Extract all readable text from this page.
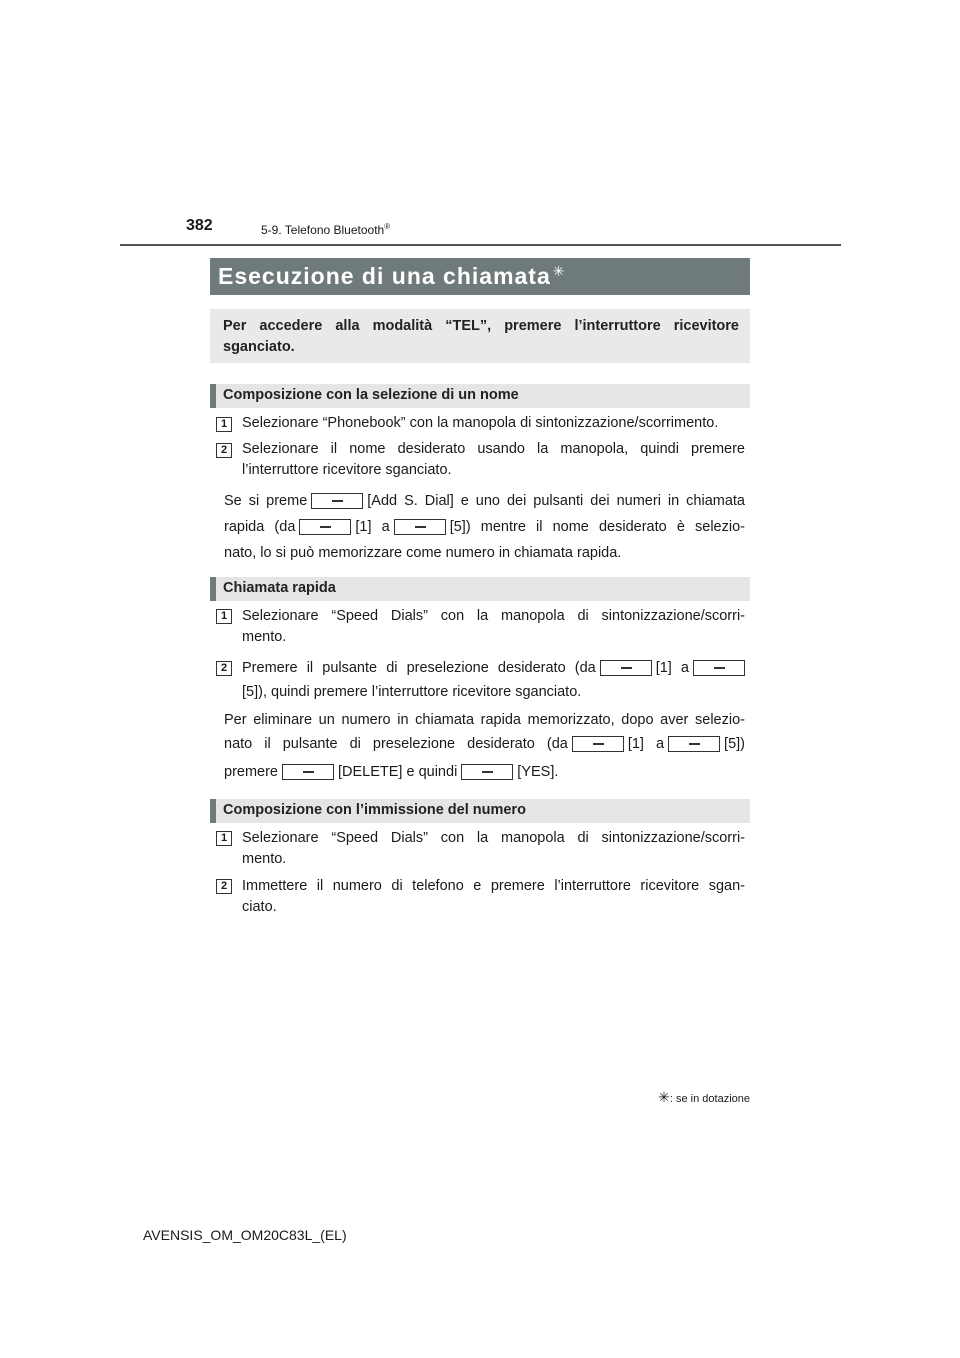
382	5-9. Telefono Bluetooth®
Esecuzione di una chiamata ✳
Per accedere alla modalità “TEL”, premere l’interruttore ricevitore sganciato.
Composizione con la selezione di un nome
1	Selezionare “Phonebook” con la manopola di sintonizzazione/scorrimento.
2	Selezionare il nome desiderato usando la manopola, quindi premere
l’interruttore ricevitore sganciato.
Se si preme	[Add S. Dial] e uno dei pulsanti dei numeri in chiamata
rapida (da	[1] a	[5]) mentre il nome desiderato è selezio-
nato, lo si può memorizzare come numero in chiamata rapida.
Chiamata rapida
1	Selezionare “Speed Dials” con la manopola di sintonizzazione/scorri-
mento.
2	Premere il pulsante di preselezione desiderato (da	[1] a
[5]), quindi premere l’interruttore ricevitore sganciato.
Per eliminare un numero in chiamata rapida memorizzato, dopo aver selezio-
nato il pulsante di preselezione desiderato (da	[1] a	[5])
premere	[DELETE] e quindi	[YES].
Composizione con l’immissione del numero
1	Selezionare “Speed Dials” con la manopola di sintonizzazione/scorri-
mento.
2	Immettere il numero di telefono e premere l’interruttore ricevitore sgan-
ciato.
✳: se in dotazione
AVENSIS_OM_OM20C83L_(EL)
